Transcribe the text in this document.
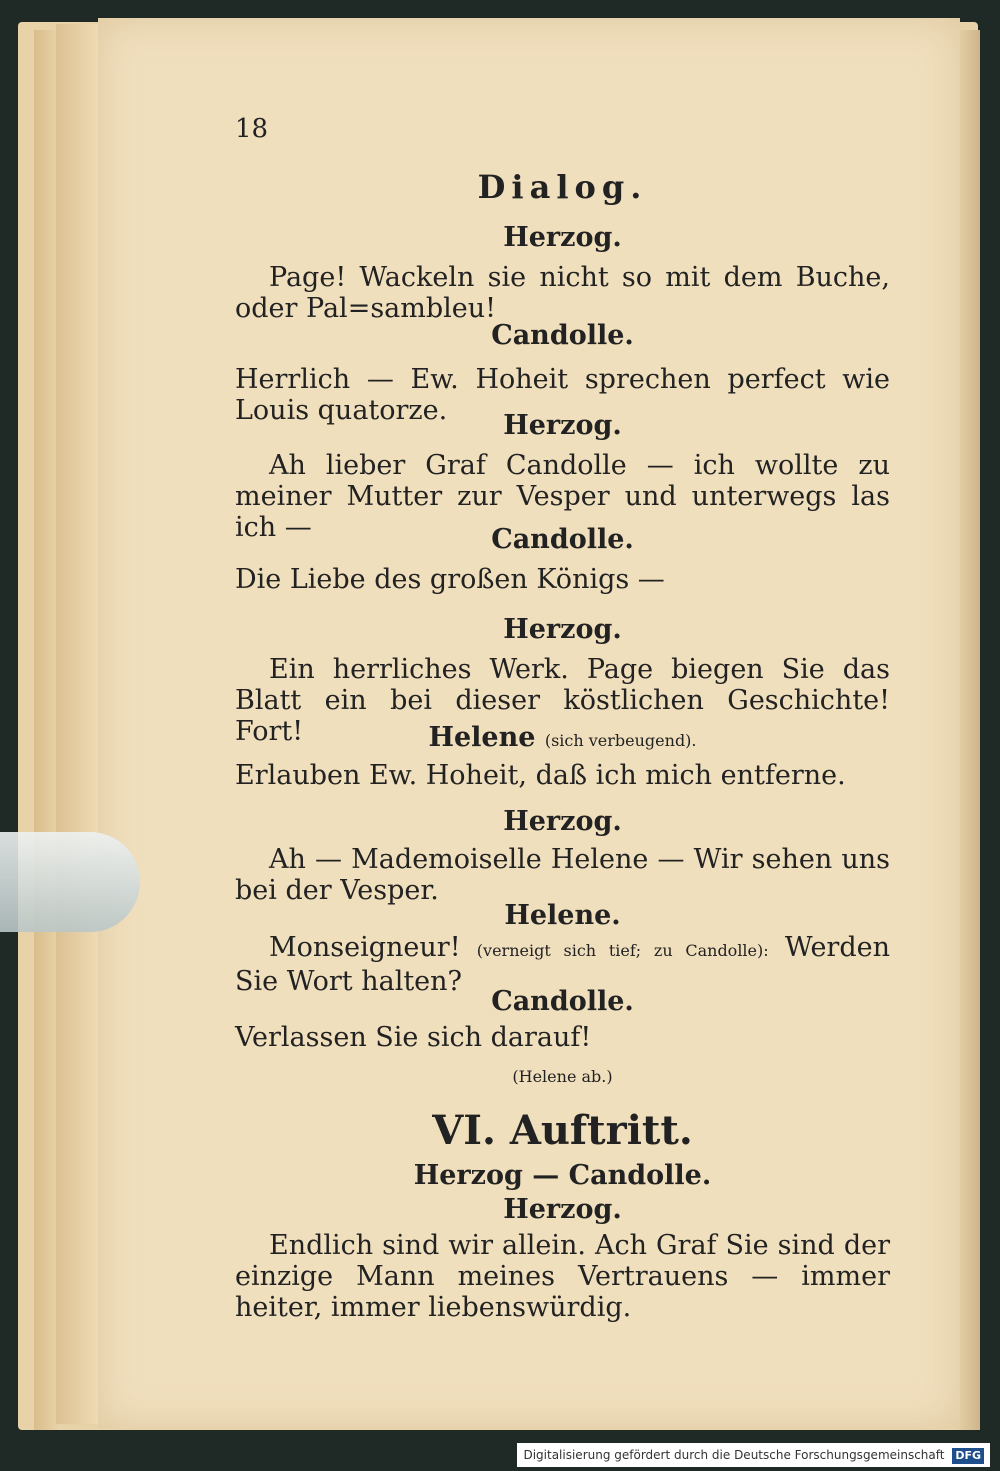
18
Dialog.
Herzog.
Page! Wackeln sie nicht so mit dem Buche, oder Pal=sambleu!
Candolle.
Herrlich — Ew. Hoheit sprechen perfect wie Louis quatorze.	Herzog.
Ah lieber Graf Candolle — ich wollte zu meiner Mutter zur Vesper und unterwegs las ich —	Candolle.
Die Liebe des großen Königs —
Herzog.
Ein herrliches Werk. Page biegen Sie das Blatt ein bei dieser köstlichen Geschichte! Fort!	Helene (sich verbeugend).
Erlauben Ew. Hoheit, daß ich mich entferne.
Herzog.
Ah — Mademoiselle Helene — Wir sehen uns bei der Vesper.
Helene.
Monseigneur! (verneigt sich tief; zu Candolle): Werden Sie Wort halten?
Candolle.
Verlassen Sie sich darauf!
(Helene ab.)
VI. Auftritt.
Herzog — Candolle.
Herzog.
Endlich sind wir allein. Ach Graf Sie sind der einzige Mann meines Vertrauens — immer heiter, immer liebenswürdig.
Digitalisierung gefördert durch die Deutsche Forschungsgemeinschaft DFG
